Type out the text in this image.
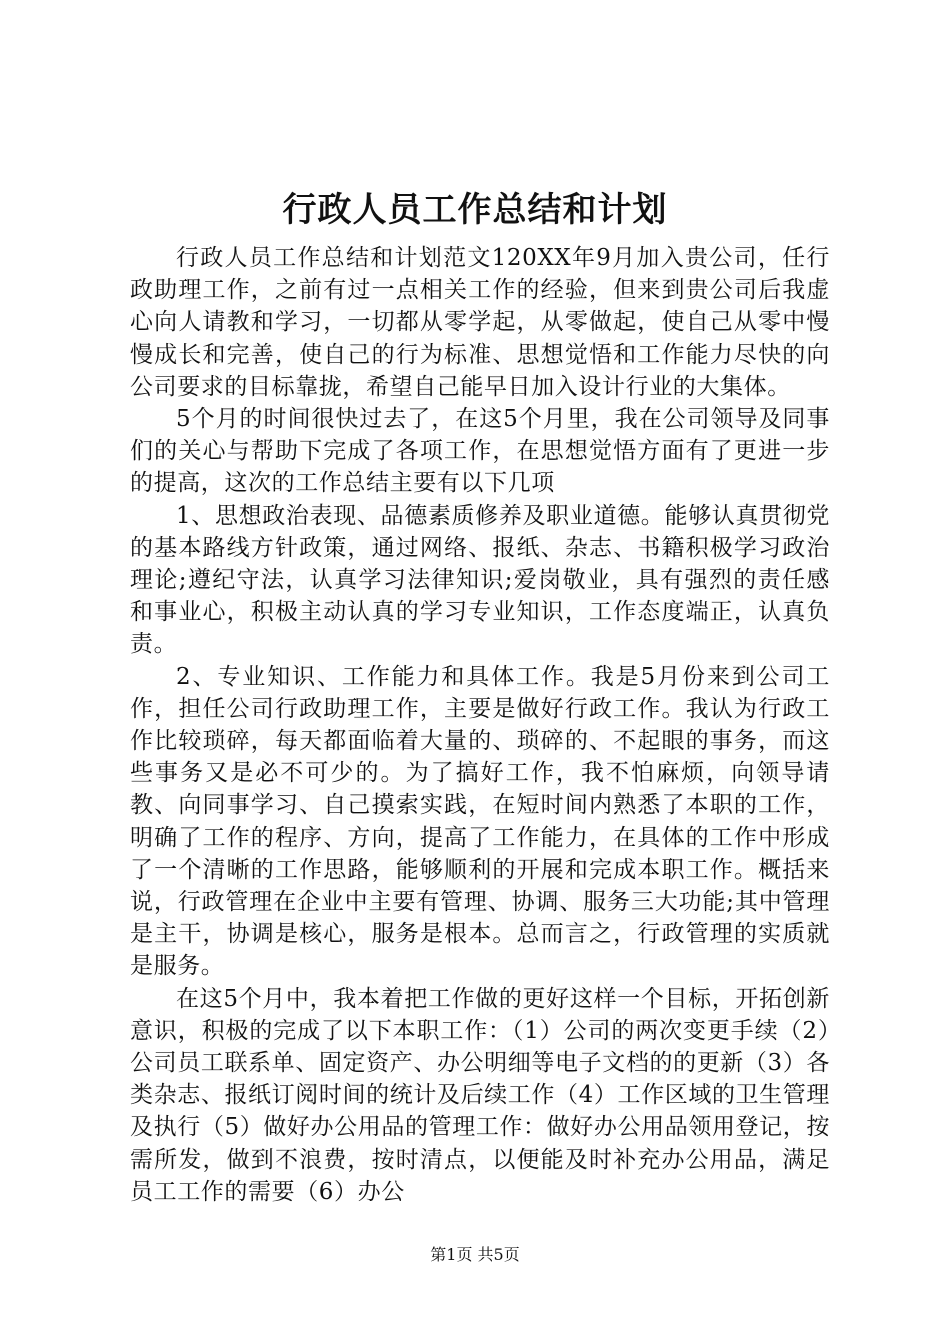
行政人员工作总结和计划

行政人员工作总结和计划范文120XX年9月加入贵公司，任行政助理工作，之前有过一点相关工作的经验，但来到贵公司后我虚心向人请教和学习，一切都从零学起，从零做起，使自己从零中慢慢成长和完善，使自己的行为标准、思想觉悟和工作能力尽快的向公司要求的目标靠拢，希望自己能早日加入设计行业的大集体。

5个月的时间很快过去了，在这5个月里，我在公司领导及同事们的关心与帮助下完成了各项工作，在思想觉悟方面有了更进一步的提高，这次的工作总结主要有以下几项

1、思想政治表现、品德素质修养及职业道德。能够认真贯彻党的基本路线方针政策，通过网络、报纸、杂志、书籍积极学习政治理论;遵纪守法，认真学习法律知识;爱岗敬业，具有强烈的责任感和事业心，积极主动认真的学习专业知识，工作态度端正，认真负责。

2、专业知识、工作能力和具体工作。我是5月份来到公司工作，担任公司行政助理工作，主要是做好行政工作。我认为行政工作比较琐碎，每天都面临着大量的、琐碎的、不起眼的事务，而这些事务又是必不可少的。为了搞好工作，我不怕麻烦，向领导请教、向同事学习、自己摸索实践，在短时间内熟悉了本职的工作，明确了工作的程序、方向，提高了工作能力，在具体的工作中形成了一个清晰的工作思路，能够顺利的开展和完成本职工作。概括来说，行政管理在企业中主要有管理、协调、服务三大功能;其中管理是主干，协调是核心，服务是根本。总而言之，行政管理的实质就是服务。

在这5个月中，我本着把工作做的更好这样一个目标，开拓创新意识，积极的完成了以下本职工作：（1）公司的两次变更手续（2）公司员工联系单、固定资产、办公明细等电子文档的的更新（3）各类杂志、报纸订阅时间的统计及后续工作（4）工作区域的卫生管理及执行（5）做好办公用品的管理工作：做好办公用品领用登记，按需所发，做到不浪费，按时清点，以便能及时补充办公用品，满足员工工作的需要（6）办公

第1页 共5页
